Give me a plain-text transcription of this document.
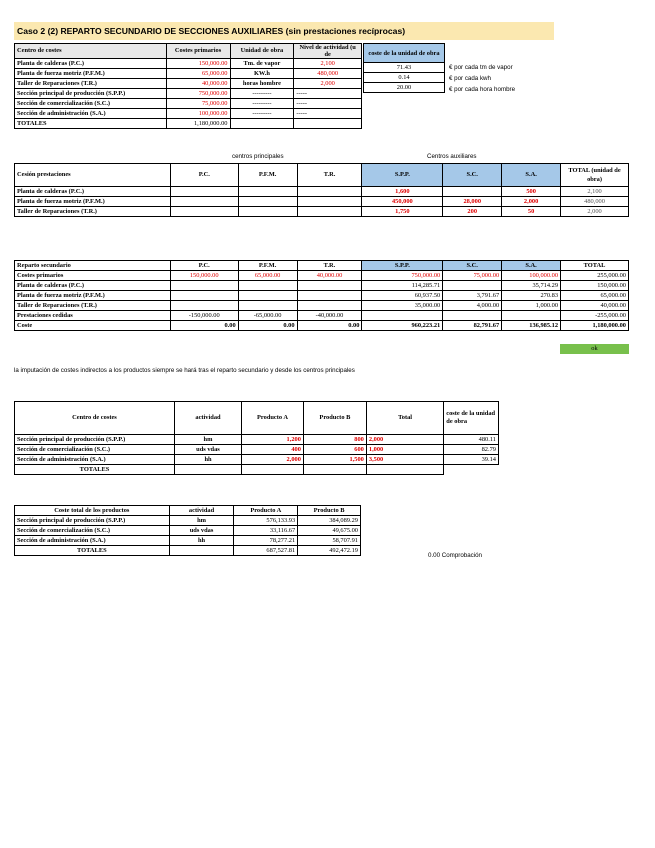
Caso 2 (2) REPARTO SECUNDARIO DE SECCIONES AUXILIARES (sin prestaciones recíprocas)
Centro de costes	Costes primarios	Unidad de obra	Nivel de actividad (u de
Planta de calderas (P.C.)	150,000.00	Tm. de vapor	2,100
Planta de fuerza motriz (P.F.M.)	65,000.00	KW.h	480,000
Taller de Reparaciones (T.R.)	40,000.00	horas hombre	2,000
Sección principal de producción (S.P.P.)	750,000.00	---------	-----
Sección de comercialización (S.C.)	75,000.00	---------	-----
Sección de administración (S.A.)	100,000.00	---------	-----
TOTALES	1,180,000.00		
coste de la unidad de obra
71.43
0.14
20.00
€ por cada tm de vapor
€ por cada kwh
€ por cada hora hombre
centros principales	Centros auxiliares
Cesión prestaciones	P.C.	P.F.M.	T.R.	S.P.P.	S.C.	S.A.	TOTAL (unidad de obra)
Planta de calderas (P.C.)				1,600		500	2,100
Planta de fuerza motriz (P.F.M.)				450,000	28,000	2,000	480,000
Taller de Reparaciones (T.R.)				1,750	200	50	2,000
Reparto secundario	P.C.	P.F.M.	T.R.	S.P.P.	S.C.	S.A.	TOTAL
Costes primarios	150,000.00	65,000.00	40,000.00	750,000.00	75,000.00	100,000.00	255,000.00
Planta de calderas (P.C.)				114,285.71		35,714.29	150,000.00
Planta de fuerza motriz (P.F.M.)				60,937.50	3,791.67	270.83	65,000.00
Taller de Reparaciones (T.R.)				35,000.00	4,000.00	1,000.00	40,000.00
Prestaciones cedidas	-150,000.00	-65,000.00	-40,000.00				-255,000.00
Coste	0.00	0.00	0.00	960,223.21	82,791.67	136,985.12	1,180,000.00
ok
la imputación de costes indirectos a los productos siempre se hará tras el reparto secundario y desde los centros principales
Centro de costes	actividad	Producto A	Producto B	Total	coste de la unidad de obra
Sección principal de producción (S.P.P.)	hm	1,200	800	2,000	480.11
Sección de comercialización (S.C.)	uds vdas	400	600	1,000	82.79
Sección de administración (S.A.)	hh	2,000	1,500	3,500	39.14
TOTALES					
Coste total de los productos	actividad	Producto A	Producto B
Sección principal de producción (S.P.P.)	hm	576,133.93	384,089.29
Sección de comercialización (S.C.)	uds vdas	33,116.67	49,675.00
Sección de administración (S.A.)	hh	78,277.21	58,707.91
TOTALES		687,527.81	492,472.19
0.00 Comprobación
